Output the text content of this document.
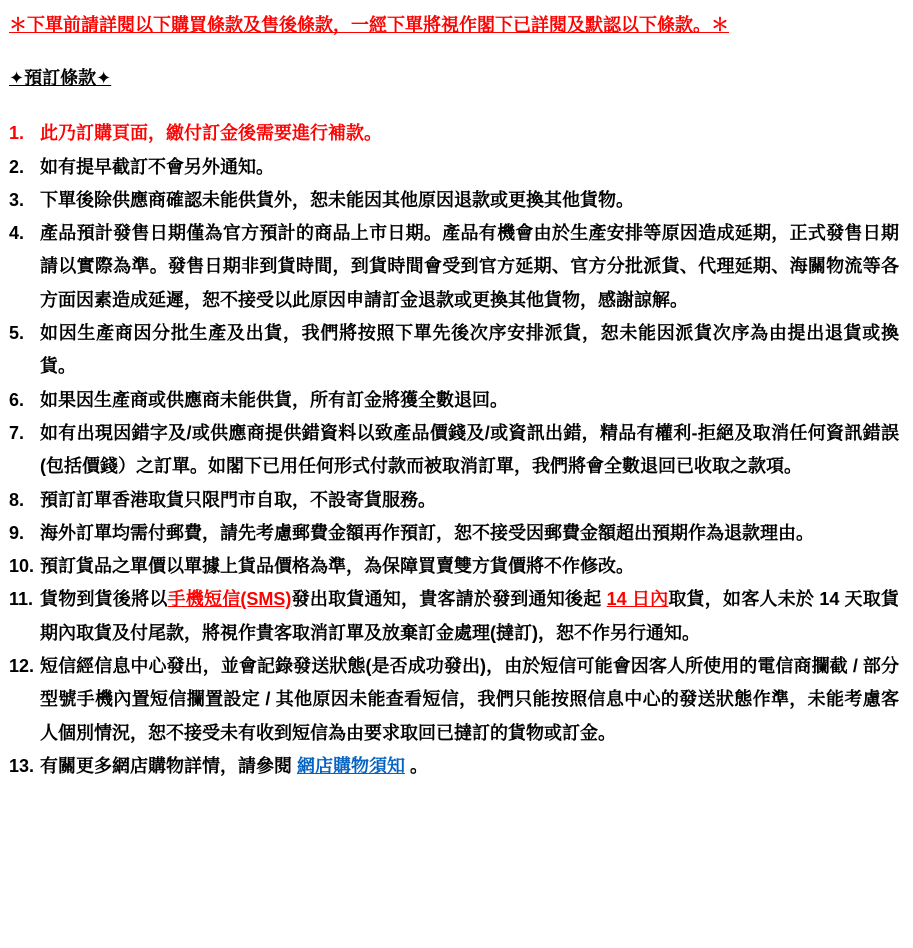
＊下單前請詳閱以下購買條款及售後條款，一經下單將視作閣下已詳閱及默認以下條款。＊
✦預訂條款✦
1. 此乃訂購頁面，繳付訂金後需要進行補款。
2. 如有提早截訂不會另外通知。
3. 下單後除供應商確認未能供貨外，恕未能因其他原因退款或更換其他貨物。
4. 產品預計發售日期僅為官方預計的商品上市日期。產品有機會由於生產安排等原因造成延期，正式發售日期請以實際為準。發售日期非到貨時間，到貨時間會受到官方延期、官方分批派貨、代理延期、海關物流等各方面因素造成延遲，恕不接受以此原因申請訂金退款或更換其他貨物，感謝諒解。
5. 如因生產商因分批生產及出貨，我們將按照下單先後次序安排派貨，恕未能因派貨次序為由提出退貨或換貨。
6. 如果因生產商或供應商未能供貨，所有訂金將獲全數退回。
7. 如有出現因錯字及/或供應商提供錯資料以致產品價錢及/或資訊出錯，精品有權利-拒絕及取消任何資訊錯誤(包括價錢）之訂單。如閣下已用任何形式付款而被取消訂單，我們將會全數退回已收取之款項。
8. 預訂訂單香港取貨只限門市自取，不設寄貨服務。
9. 海外訂單均需付郵費，請先考慮郵費金額再作預訂，恕不接受因郵費金額超出預期作為退款理由。
10. 預訂貨品之單價以單據上貨品價格為準，為保障買賣雙方貨價將不作修改。
11. 貨物到貨後將以手機短信(SMS)發出取貨通知，貴客請於發到通知後起 14 日內取貨，如客人未於 14 天取貨期內取貨及付尾款，將視作貴客取消訂單及放棄訂金處理(撻訂)，恕不作另行通知。
12. 短信經信息中心發出，並會記錄發送狀態(是否成功發出)，由於短信可能會因客人所使用的電信商攔截 / 部分型號手機內置短信攔置設定 / 其他原因未能查看短信，我們只能按照信息中心的發送狀態作準，未能考慮客人個別情況，恕不接受未有收到短信為由要求取回已撻訂的貨物或訂金。
13. 有關更多網店購物詳情，請參閱 網店購物須知 。
